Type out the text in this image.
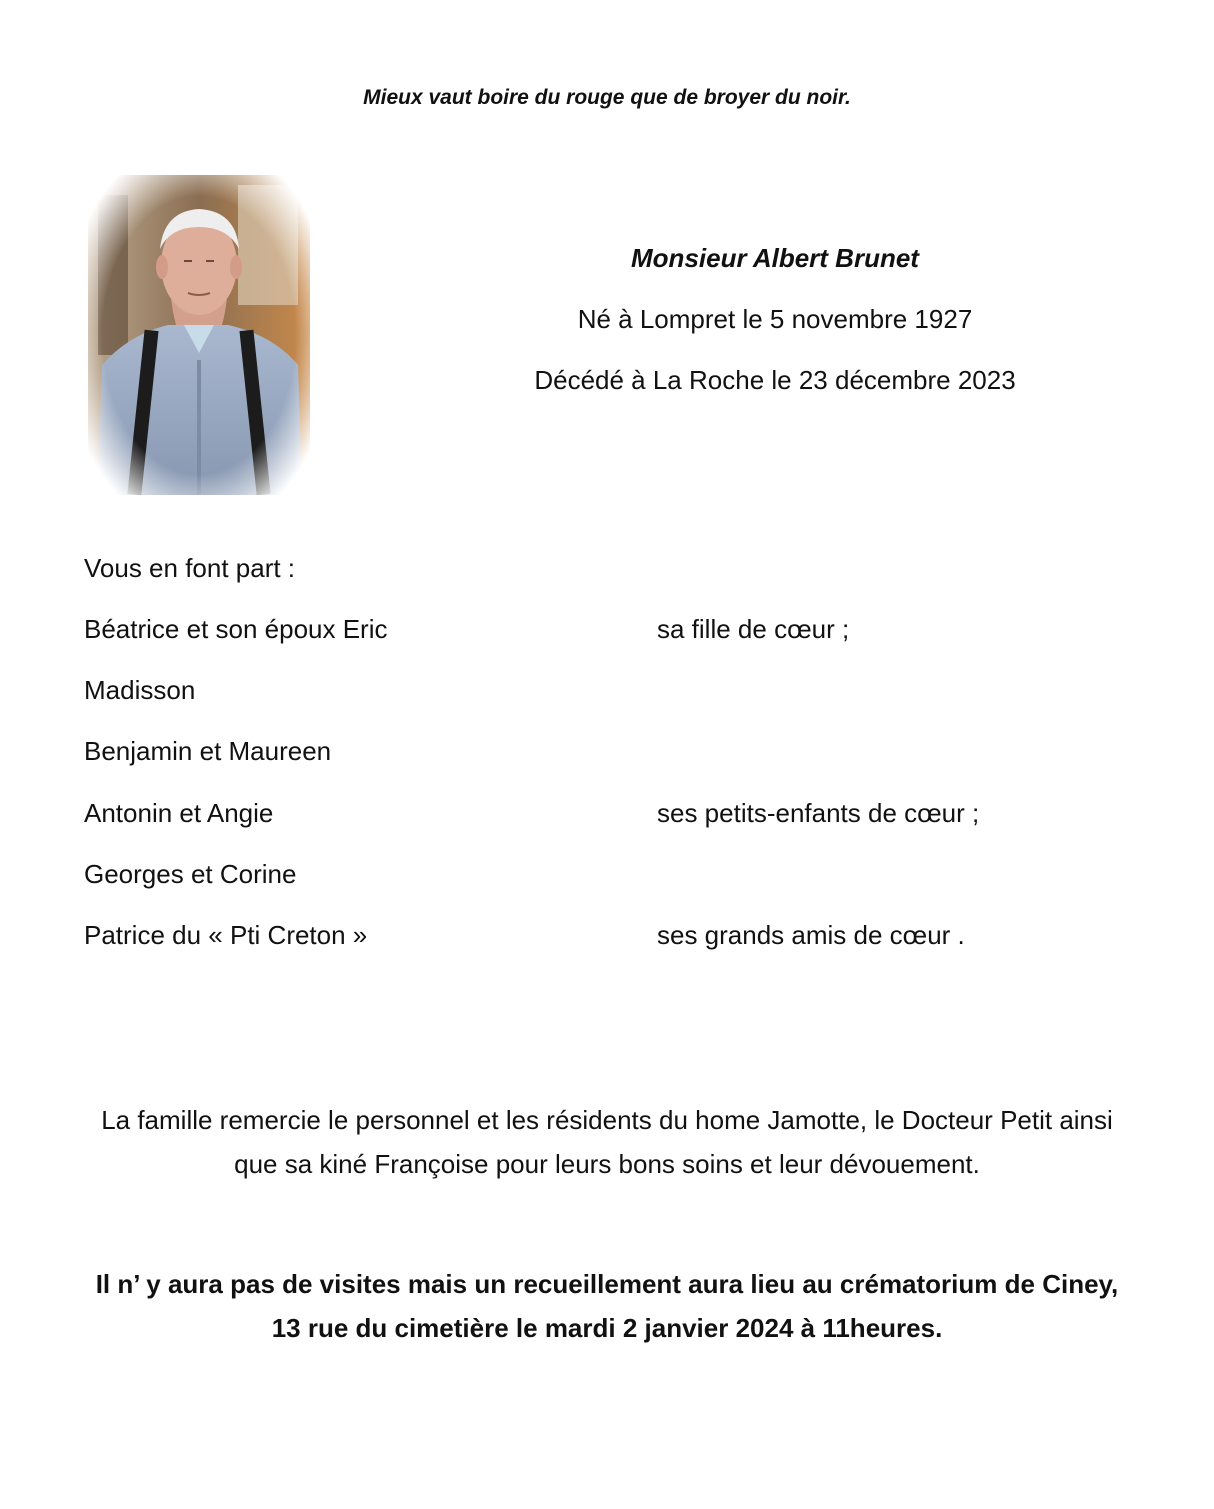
Mieux vaut boire du rouge que de broyer du noir.
Monsieur Albert Brunet
Né à Lompret le 5 novembre 1927
Décédé à La Roche le 23 décembre 2023
Vous en font part :
Béatrice et son époux Eric	sa fille de cœur ;
Madisson
Benjamin et Maureen
Antonin et Angie	ses petits-enfants de cœur ;
Georges et Corine
Patrice du « Pti Creton »	ses grands amis de cœur .
La famille remercie le personnel et les résidents du home Jamotte, le Docteur Petit ainsi que sa kiné Françoise pour leurs bons soins et leur dévouement.
Il n’ y aura pas de visites mais un recueillement aura lieu au crématorium de Ciney, 13 rue du cimetière le mardi 2 janvier 2024 à 11heures.
